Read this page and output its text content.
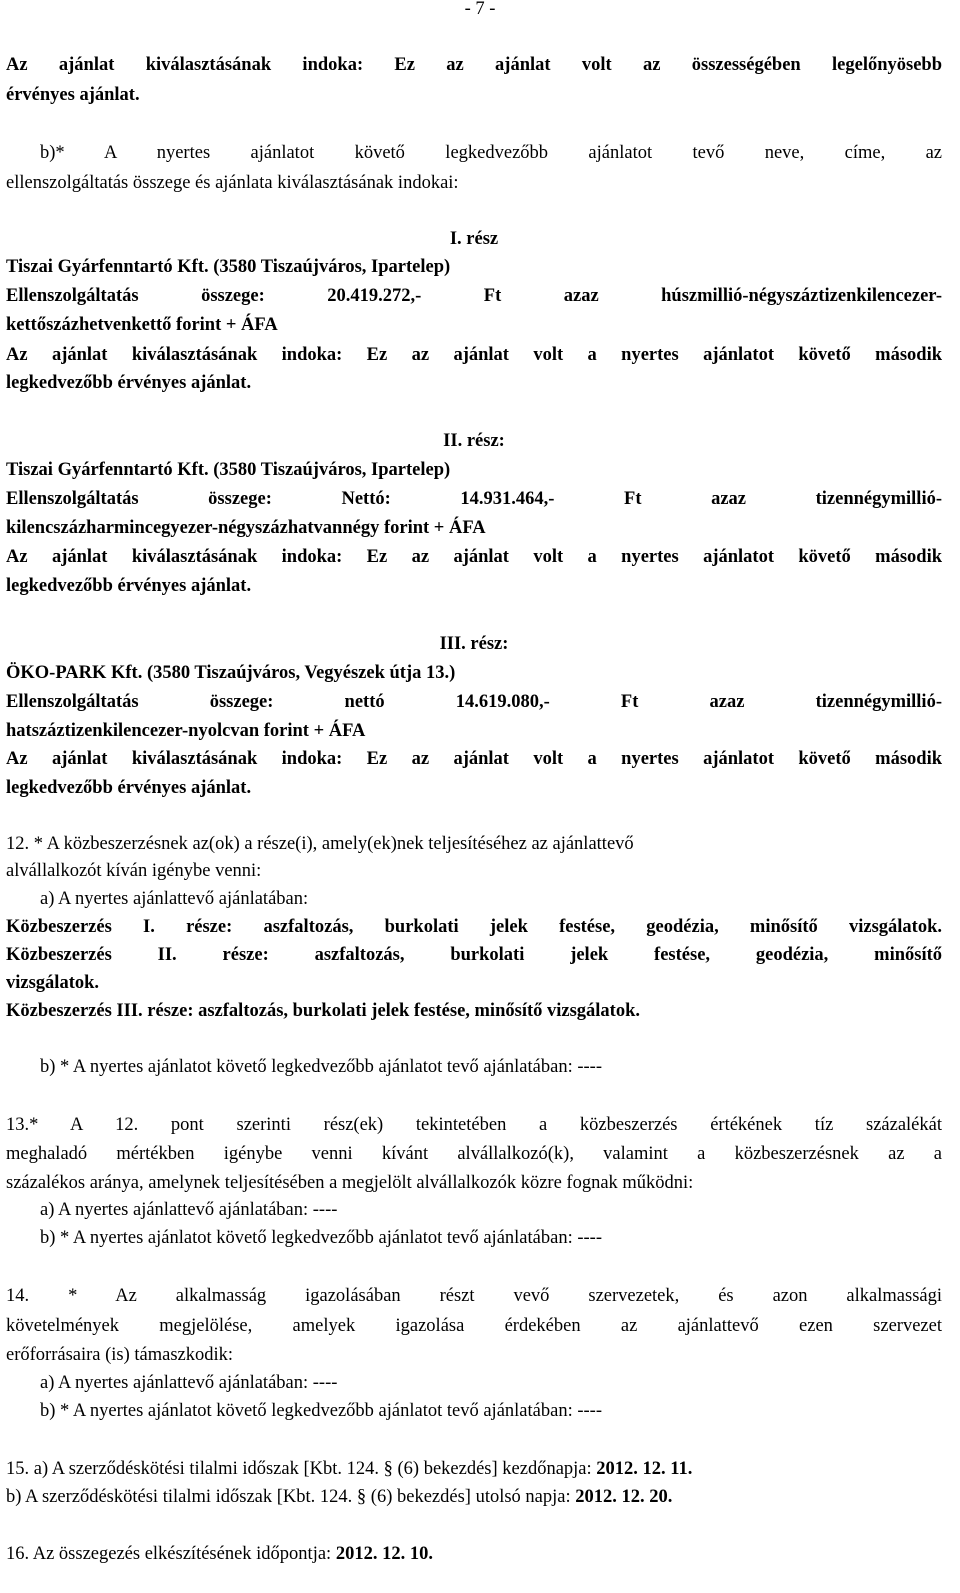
- 7 -
Az ajánlat kiválasztásának indoka: Ez az ajánlat volt az összességében legelőnyösebb
érvényes ajánlat.
b)* A nyertes ajánlatot követő legkedvezőbb ajánlatot tevő neve, címe, az
ellenszolgáltatás összege és ajánlata kiválasztásának indokai:
I. rész
Tiszai Gyárfenntartó Kft. (3580 Tiszaújváros, Ipartelep)
Ellenszolgáltatás összege: 20.419.272,- Ft azaz húszmillió-négyszáztizenkilencezer-
kettőszázhetvenkettő forint + ÁFA
Az ajánlat kiválasztásának indoka: Ez az ajánlat volt a nyertes ajánlatot követő második
legkedvezőbb érvényes ajánlat.
II. rész:
Tiszai Gyárfenntartó Kft. (3580 Tiszaújváros, Ipartelep)
Ellenszolgáltatás összege: Nettó: 14.931.464,- Ft azaz tizennégymillió-
kilencszázharmincegyezer-négyszázhatvannégy forint + ÁFA
Az ajánlat kiválasztásának indoka: Ez az ajánlat volt a nyertes ajánlatot követő második
legkedvezőbb érvényes ajánlat.
III. rész:
ÖKO-PARK Kft. (3580 Tiszaújváros, Vegyészek útja 13.)
Ellenszolgáltatás összege: nettó 14.619.080,- Ft azaz tizennégymillió-
hatszáztizenkilencezer-nyolcvan forint + ÁFA
Az ajánlat kiválasztásának indoka: Ez az ajánlat volt a nyertes ajánlatot követő második
legkedvezőbb érvényes ajánlat.
12. * A közbeszerzésnek az(ok) a része(i), amely(ek)nek teljesítéséhez az ajánlattevő
alvállalkozót kíván igénybe venni:
a) A nyertes ajánlattevő ajánlatában:
Közbeszerzés I. része: aszfaltozás, burkolati jelek festése, geodézia, minősítő vizsgálatok.
Közbeszerzés II. része: aszfaltozás, burkolati jelek festése, geodézia, minősítő
vizsgálatok.
Közbeszerzés III. része: aszfaltozás, burkolati jelek festése, minősítő vizsgálatok.
b) * A nyertes ajánlatot követő legkedvezőbb ajánlatot tevő ajánlatában: ----
13.* A 12. pont szerinti rész(ek) tekintetében a közbeszerzés értékének tíz százalékát
meghaladó mértékben igénybe venni kívánt alvállalkozó(k), valamint a közbeszerzésnek az a
százalékos aránya, amelynek teljesítésében a megjelölt alvállalkozók közre fognak működni:
a) A nyertes ajánlattevő ajánlatában: ----
b) * A nyertes ajánlatot követő legkedvezőbb ajánlatot tevő ajánlatában: ----
14. * Az alkalmasság igazolásában részt vevő szervezetek, és azon alkalmassági
követelmények megjelölése, amelyek igazolása érdekében az ajánlattevő ezen szervezet
erőforrásaira (is) támaszkodik:
a) A nyertes ajánlattevő ajánlatában: ----
b) * A nyertes ajánlatot követő legkedvezőbb ajánlatot tevő ajánlatában: ----
15. a) A szerződéskötési tilalmi időszak [Kbt. 124. § (6) bekezdés] kezdőnapja: 2012. 12. 11.
b) A szerződéskötési tilalmi időszak [Kbt. 124. § (6) bekezdés] utolsó napja: 2012. 12. 20.
16. Az összegezés elkészítésének időpontja: 2012. 12. 10.
